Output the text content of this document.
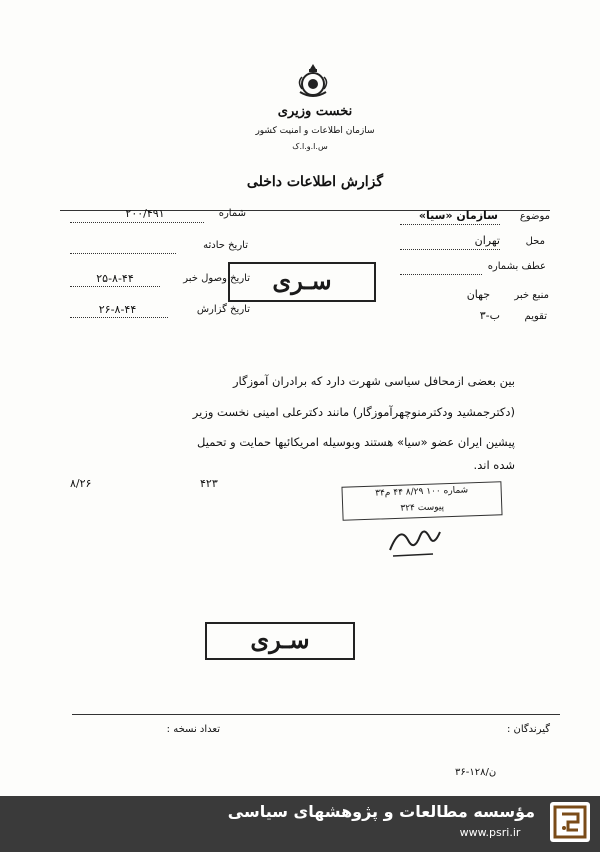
نخست وزیری
سازمان اطلاعات و امنیت کشور
س.ا.و.ا.ک
گزارش اطلاعات داخلی
شماره
۲۰۰/۴۹۱
تاریخ حادثه
تاریخ وصول خبر
۲۵-۸-۴۴
تاریخ گزارش
۲۶-۸-۴۴
سـری
موضوع
سازمان «سیا»
محل
تهران
عطف بشماره
منبع خبر
جهان
تقویم
ب-۳
بین بعضی ازمحافل سیاسی شهرت دارد که برادران آموزگار
(دکترجمشید ودکترمنوچهرآموزگار) مانند دکترعلی امینی نخست وزیر
پیشین ایران عضو «سیا» هستند وبوسیله امریکائیها حمایت و تحمیل
شده اند.
۸/۲۶	۴۲۳
شماره ۱۰۰ ۸/۲۹ ۴۴ م۳۴
پیوست ۳۲۴
سـری
گیرندگان :
تعداد نسخه :
۳۶-۱۲۸/ن
مؤسسه مطالعات و پژوهشهای سیاسی
www.psri.ir
